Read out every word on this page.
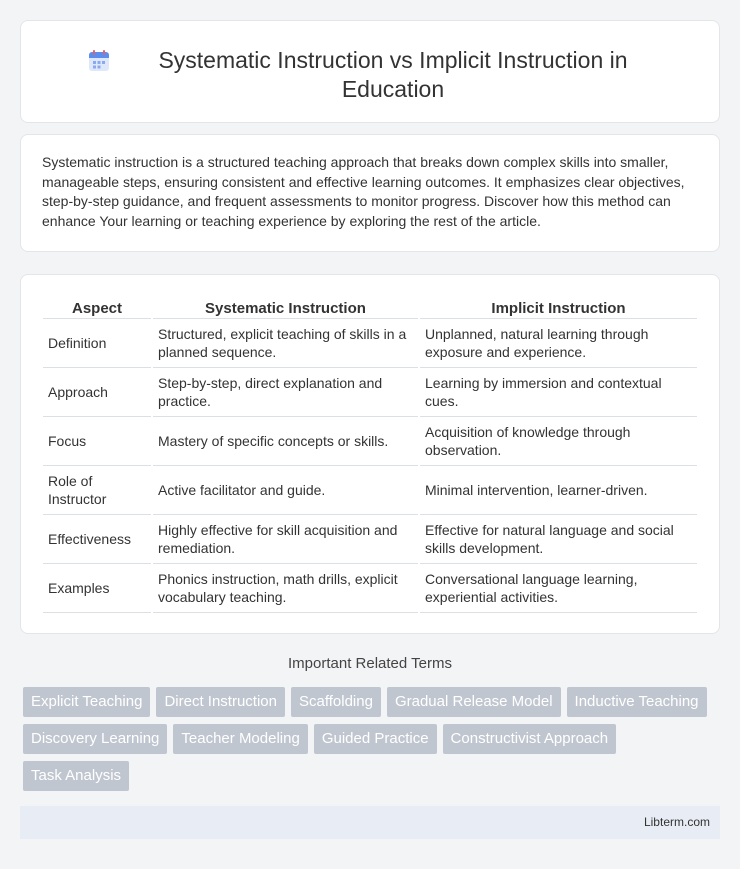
Systematic Instruction vs Implicit Instruction in Education

Systematic instruction is a structured teaching approach that breaks down complex skills into smaller, manageable steps, ensuring consistent and effective learning outcomes. It emphasizes clear objectives, step-by-step guidance, and frequent assessments to monitor progress. Discover how this method can enhance Your learning or teaching experience by exploring the rest of the article.

Aspect	Systematic Instruction	Implicit Instruction
Definition	Structured, explicit teaching of skills in a planned sequence.	Unplanned, natural learning through exposure and experience.
Approach	Step-by-step, direct explanation and practice.	Learning by immersion and contextual cues.
Focus	Mastery of specific concepts or skills.	Acquisition of knowledge through observation.
Role of Instructor	Active facilitator and guide.	Minimal intervention, learner-driven.
Effectiveness	Highly effective for skill acquisition and remediation.	Effective for natural language and social skills development.
Examples	Phonics instruction, math drills, explicit vocabulary teaching.	Conversational language learning, experiential activities.
Important Related Terms
Explicit Teaching	Direct Instruction	Scaffolding	Gradual Release Model	Inductive Teaching
Discovery Learning	Teacher Modeling	Guided Practice	Constructivist Approach
Task Analysis
Libterm.com
